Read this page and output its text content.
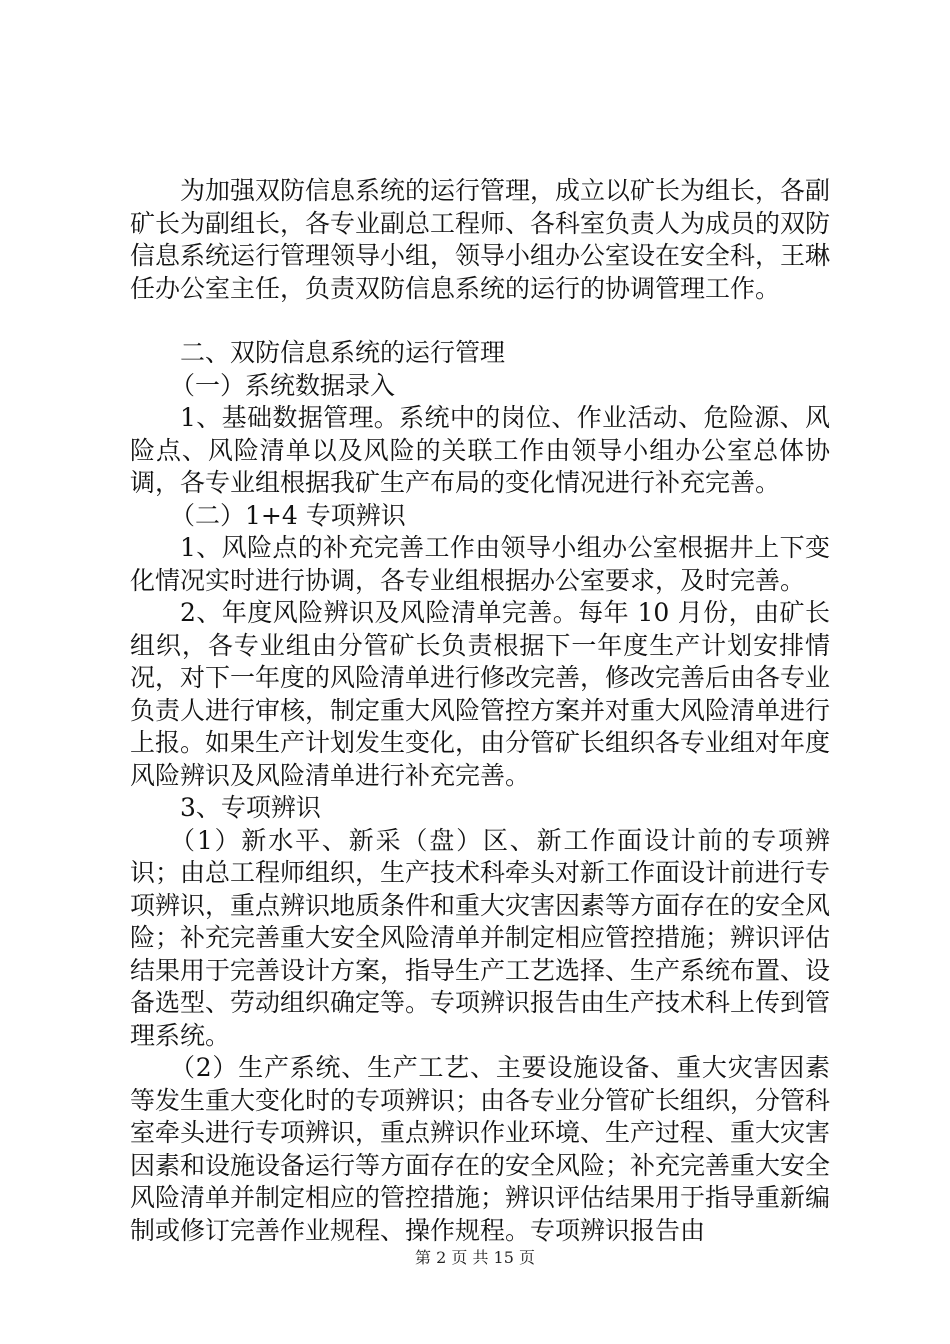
为加强双防信息系统的运行管理，成立以矿长为组长，各副矿长为副组长，各专业副总工程师、各科室负责人为成员的双防信息系统运行管理领导小组，领导小组办公室设在安全科，王琳任办公室主任，负责双防信息系统的运行的协调管理工作。

二、双防信息系统的运行管理

（一）系统数据录入

1、基础数据管理。系统中的岗位、作业活动、危险源、风险点、风险清单以及风险的关联工作由领导小组办公室总体协调，各专业组根据我矿生产布局的变化情况进行补充完善。

（二）1+4 专项辨识

1、风险点的补充完善工作由领导小组办公室根据井上下变化情况实时进行协调，各专业组根据办公室要求，及时完善。

2、年度风险辨识及风险清单完善。每年 10 月份，由矿长组织，各专业组由分管矿长负责根据下一年度生产计划安排情况，对下一年度的风险清单进行修改完善，修改完善后由各专业负责人进行审核，制定重大风险管控方案并对重大风险清单进行上报。如果生产计划发生变化，由分管矿长组织各专业组对年度风险辨识及风险清单进行补充完善。

3、专项辨识

（1）新水平、新采（盘）区、新工作面设计前的专项辨识；由总工程师组织，生产技术科牵头对新工作面设计前进行专项辨识，重点辨识地质条件和重大灾害因素等方面存在的安全风险；补充完善重大安全风险清单并制定相应管控措施；辨识评估结果用于完善设计方案，指导生产工艺选择、生产系统布置、设备选型、劳动组织确定等。专项辨识报告由生产技术科上传到管理系统。

（2）生产系统、生产工艺、主要设施设备、重大灾害因素等发生重大变化时的专项辨识；由各专业分管矿长组织，分管科室牵头进行专项辨识，重点辨识作业环境、生产过程、重大灾害因素和设施设备运行等方面存在的安全风险；补充完善重大安全风险清单并制定相应的管控措施；辨识评估结果用于指导重新编制或修订完善作业规程、操作规程。专项辨识报告由

第 2 页 共 15 页
